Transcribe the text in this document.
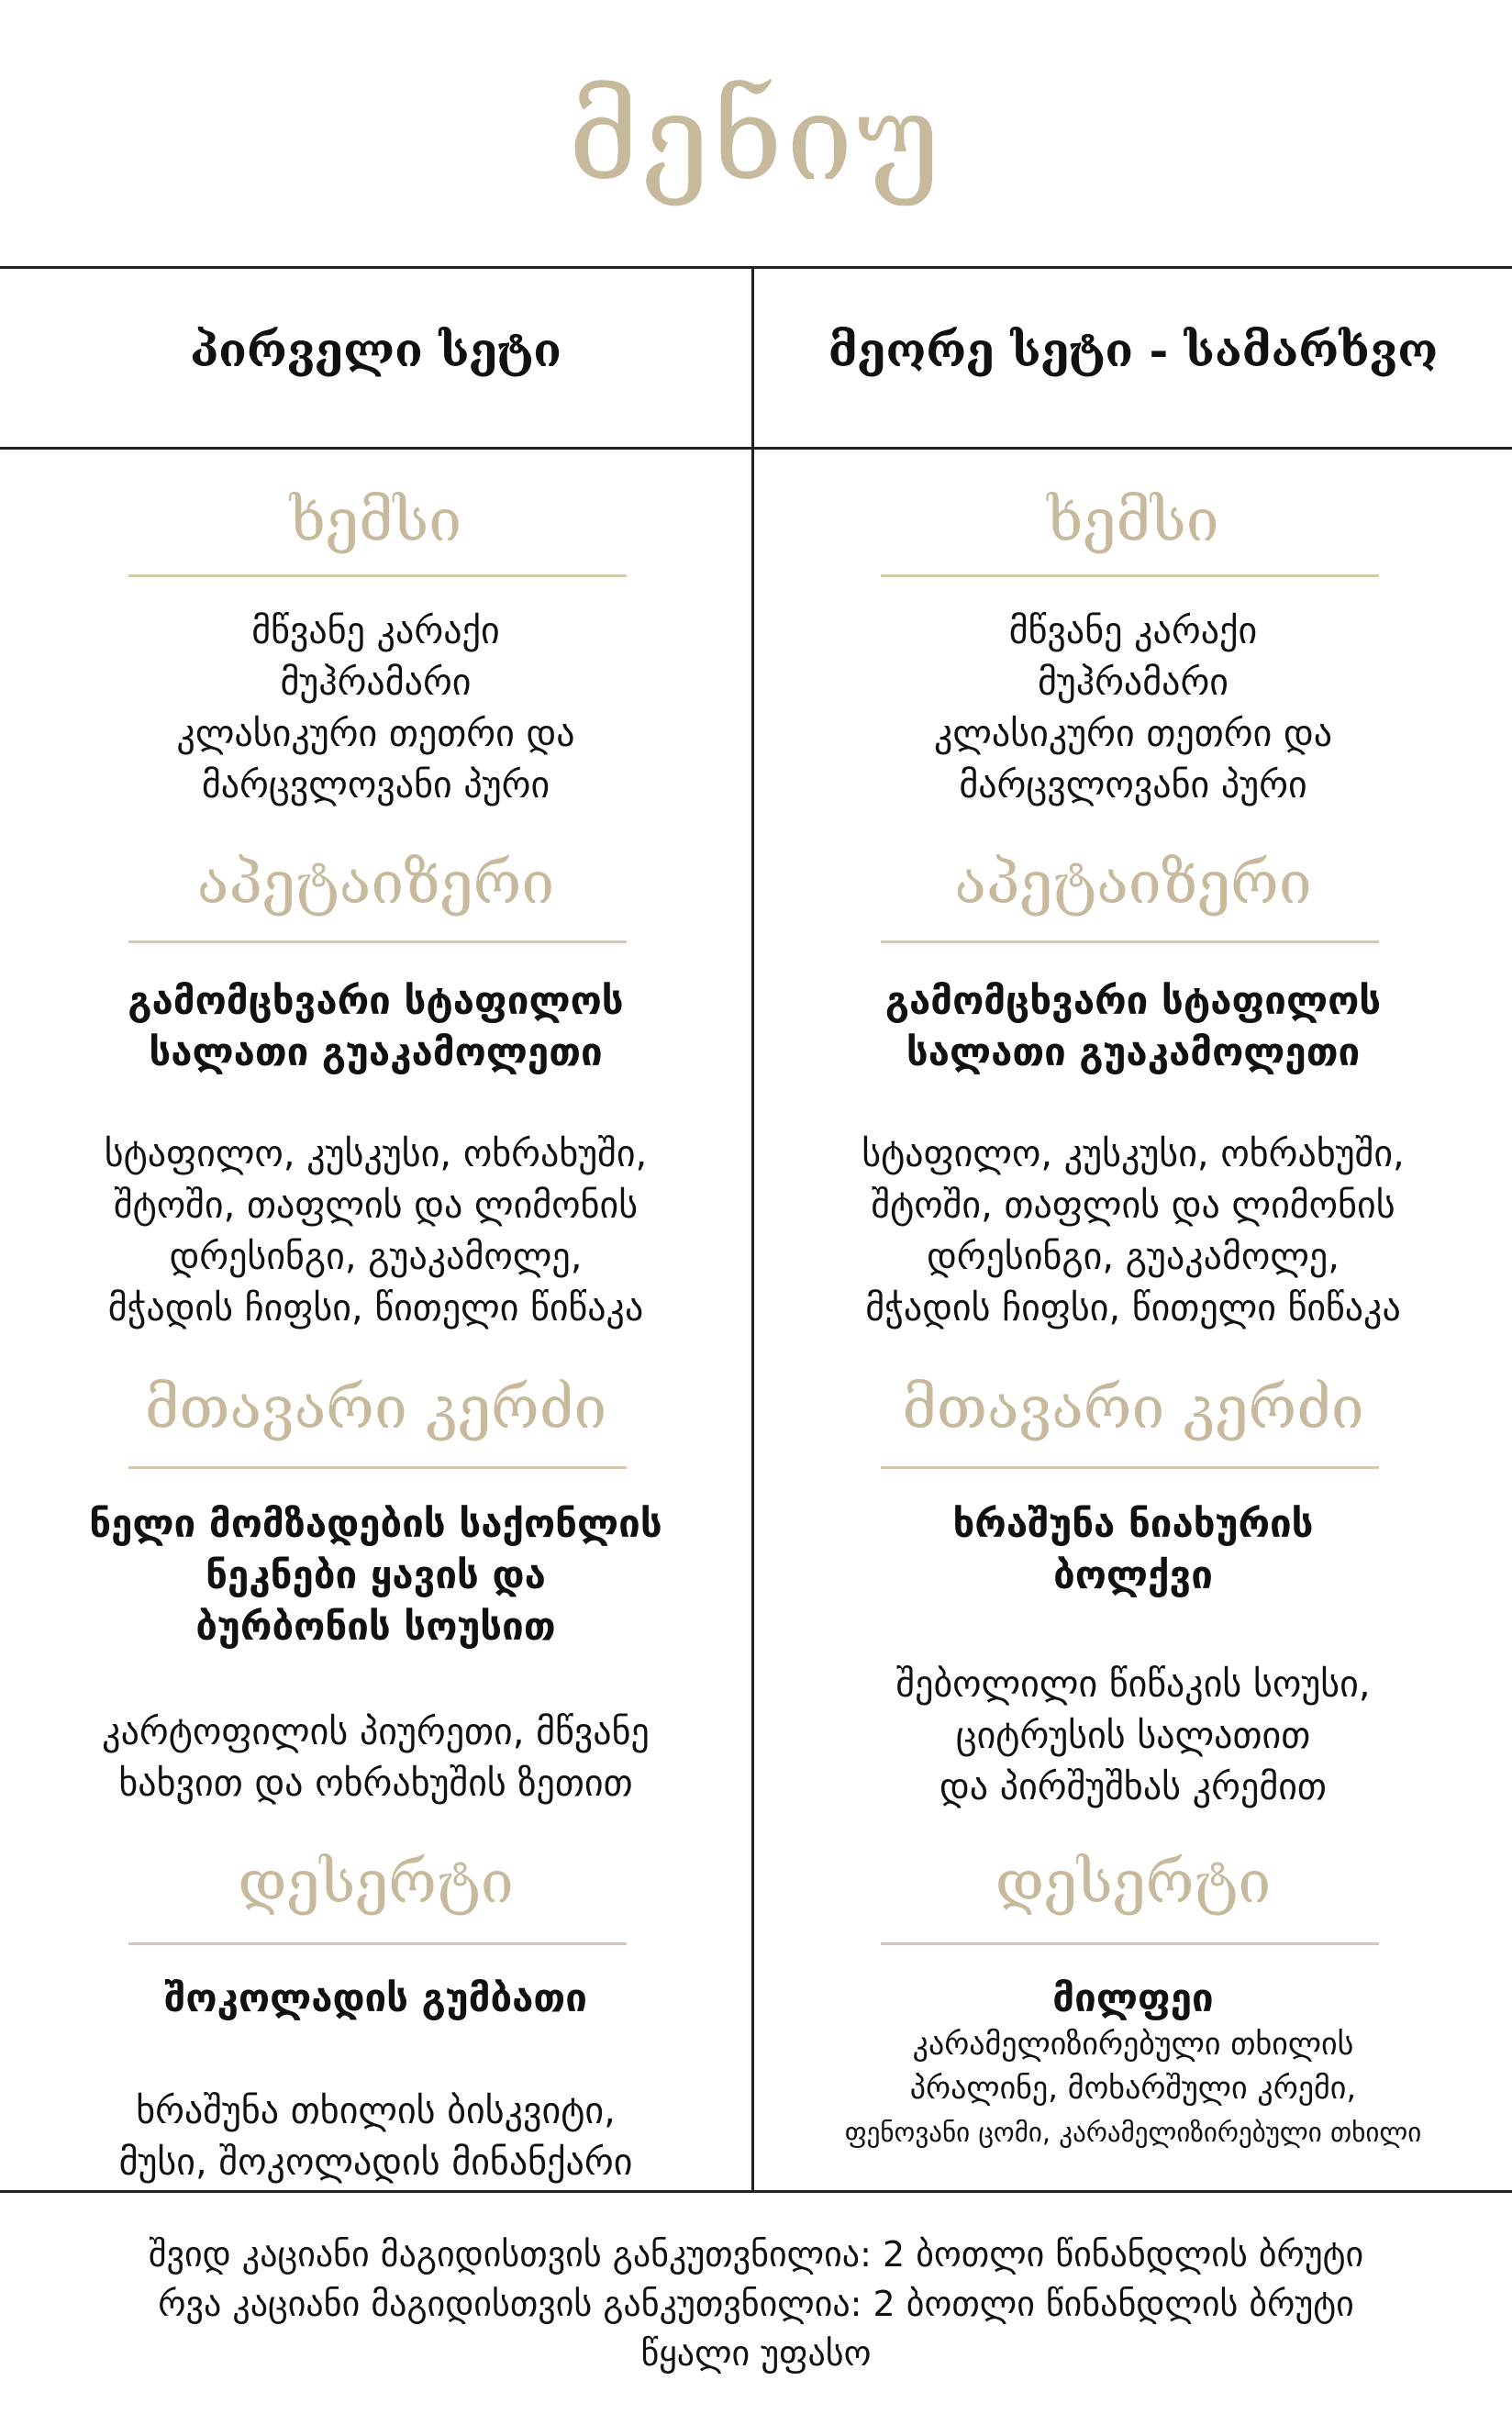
მენიუ
პირველი სეტი
ხემსი
მწვანე კარაქი
მუჰრამარი
კლასიკური თეთრი და
მარცვლოვანი პური
აპეტაიზერი
გამომცხვარი სტაფილოს
სალათი გუაკამოლეთი
სტაფილო, კუსკუსი, ოხრახუში,
შტოში, თაფლის და ლიმონის
დრესინგი, გუაკამოლე,
მჭადის ჩიფსი, წითელი წიწაკა
მთავარი კერძი
ნელი მომზადების საქონლის
ნეკნები ყავის და
ბურბონის სოუსით
კარტოფილის პიურეთი, მწვანე
ხახვით და ოხრახუშის ზეთით
დესერტი
შოკოლადის გუმბათი
ხრაშუნა თხილის ბისკვიტი,
მუსი, შოკოლადის მინანქარი
მეორე სეტი - სამარხვო
ხემსი
მწვანე კარაქი
მუჰრამარი
კლასიკური თეთრი და
მარცვლოვანი პური
აპეტაიზერი
გამომცხვარი სტაფილოს
სალათი გუაკამოლეთი
სტაფილო, კუსკუსი, ოხრახუში,
შტოში, თაფლის და ლიმონის
დრესინგი, გუაკამოლე,
მჭადის ჩიფსი, წითელი წიწაკა
მთავარი კერძი
ხრაშუნა ნიახურის
ბოლქვი
შებოლილი წიწაკის სოუსი,
ციტრუსის სალათით
და პირშუშხას კრემით
დესერტი
მილფეი
კარამელიზირებული თხილის
პრალინე, მოხარშული კრემი,
ფენოვანი ცომი, კარამელიზირებული თხილი
შვიდ კაციანი მაგიდისთვის განკუთვნილია: 2 ბოთლი წინანდლის ბრუტი
რვა კაციანი მაგიდისთვის განკუთვნილია: 2 ბოთლი წინანდლის ბრუტი
წყალი უფასო
